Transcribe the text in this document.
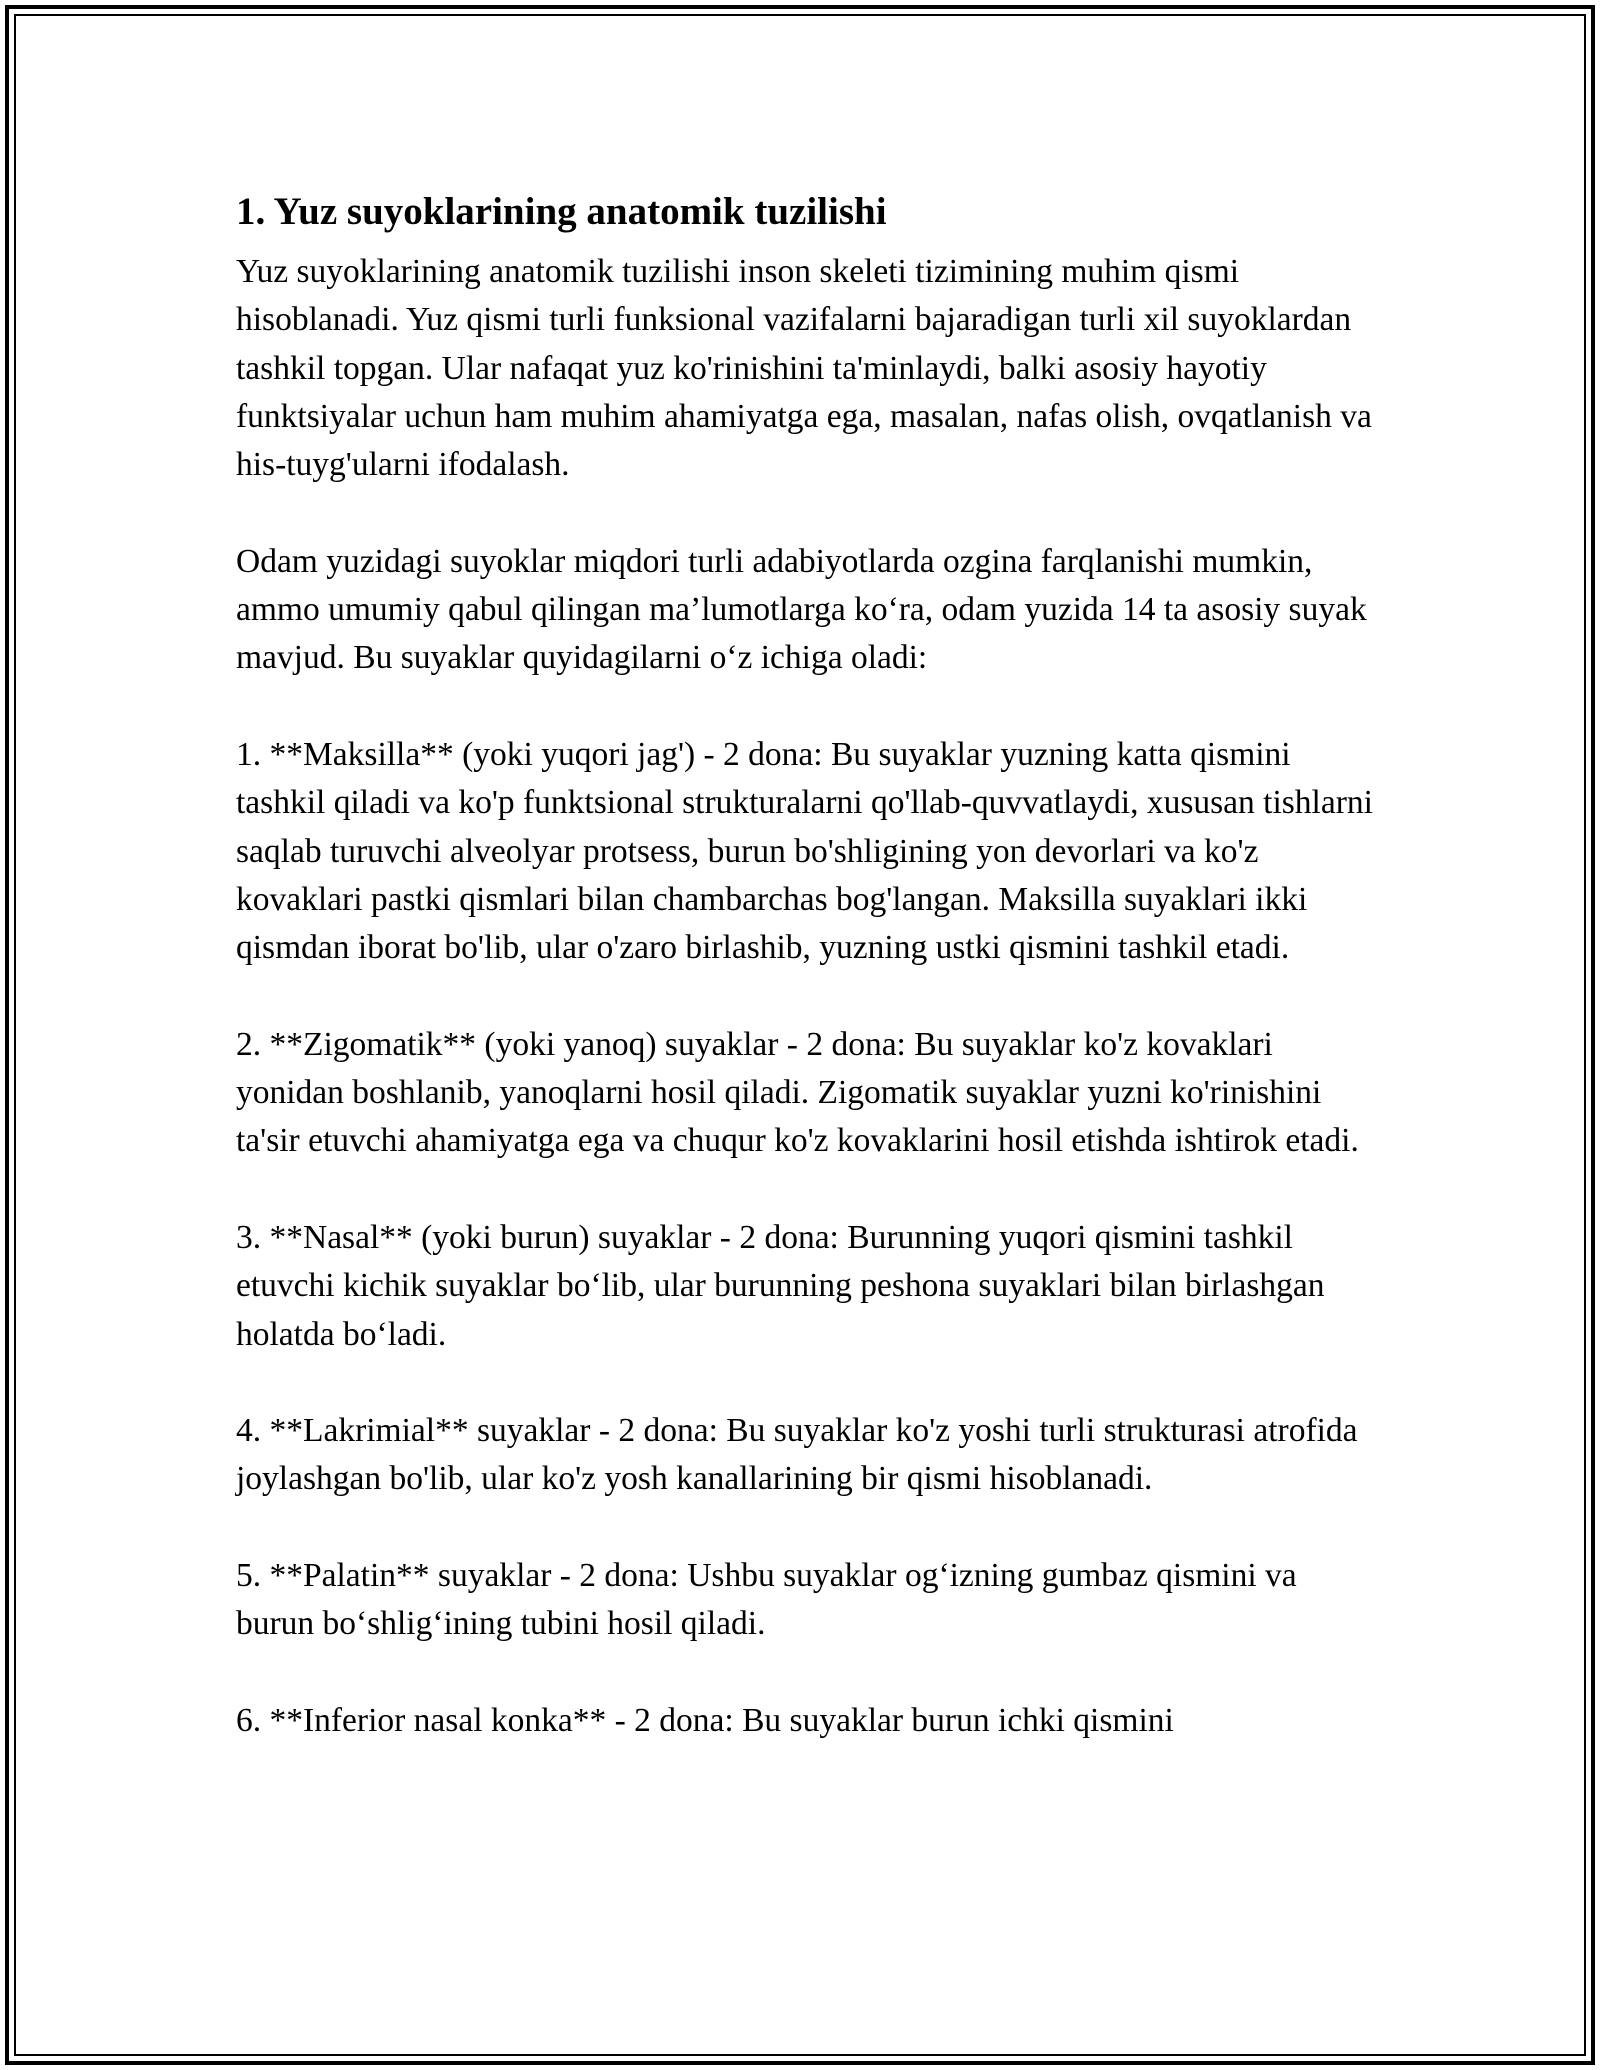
1. Yuz suyoklarining anatomik tuzilishi

Yuz suyoklarining anatomik tuzilishi inson skeleti tizimining muhim qismi hisoblanadi. Yuz qismi turli funksional vazifalarni bajaradigan turli xil suyoklardan tashkil topgan. Ular nafaqat yuz ko'rinishini ta'minlaydi, balki asosiy hayotiy funktsiyalar uchun ham muhim ahamiyatga ega, masalan, nafas olish, ovqatlanish va his-tuyg'ularni ifodalash.

Odam yuzidagi suyoklar miqdori turli adabiyotlarda ozgina farqlanishi mumkin, ammo umumiy qabul qilingan ma’lumotlarga ko‘ra, odam yuzida 14 ta asosiy suyak mavjud. Bu suyaklar quyidagilarni o‘z ichiga oladi:

1. **Maksilla** (yoki yuqori jag') - 2 dona: Bu suyaklar yuzning katta qismini tashkil qiladi va ko'p funktsional strukturalarni qo'llab-quvvatlaydi, xususan tishlarni saqlab turuvchi alveolyar protsess, burun bo'shligining yon devorlari va ko'z kovaklari pastki qismlari bilan chambarchas bog'langan. Maksilla suyaklari ikki qismdan iborat bo'lib, ular o'zaro birlashib, yuzning ustki qismini tashkil etadi.

2. **Zigomatik** (yoki yanoq) suyaklar - 2 dona: Bu suyaklar ko'z kovaklari yonidan boshlanib, yanoqlarni hosil qiladi. Zigomatik suyaklar yuzni ko'rinishini ta'sir etuvchi ahamiyatga ega va chuqur ko'z kovaklarini hosil etishda ishtirok etadi.

3. **Nasal** (yoki burun) suyaklar - 2 dona: Burunning yuqori qismini tashkil etuvchi kichik suyaklar bo‘lib, ular burunning peshona suyaklari bilan birlashgan holatda bo‘ladi.

4. **Lakrimial** suyaklar - 2 dona: Bu suyaklar ko'z yoshi turli strukturasi atrofida joylashgan bo'lib, ular ko'z yosh kanallarining bir qismi hisoblanadi.

5. **Palatin** suyaklar - 2 dona: Ushbu suyaklar og‘izning gumbaz qismini va burun bo‘shlig‘ining tubini hosil qiladi.

6. **Inferior nasal konka** - 2 dona: Bu suyaklar burun ichki qismini
